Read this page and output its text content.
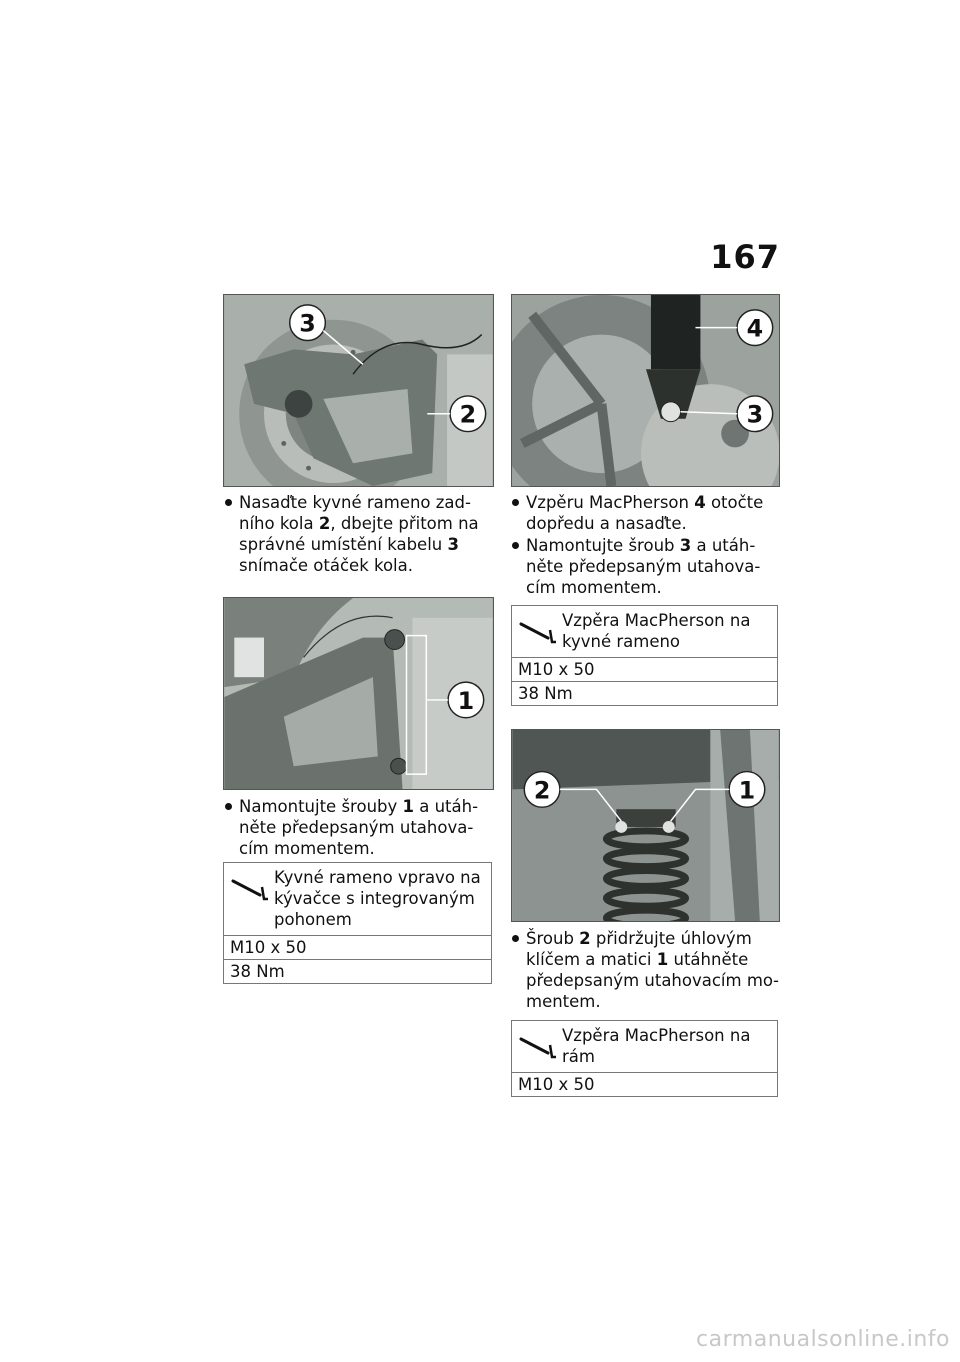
167
3
2
Nasaďte kyvné rameno zadního kola 2, dbejte přitom na správné umístění kabelu 3 snímače otáček kola.
1
Namontujte šrouby 1 a utáhněte předepsaným utahovacím momentem.
Kyvné rameno vpravo na kývačce s integrovaným pohonem
M10 x 50
38 Nm
4
3
Vzpěru MacPherson 4 otočte dopředu a nasaďte.
Namontujte šroub 3 a utáhněte předepsaným utahovacím momentem.
Vzpěra MacPherson na kyvné rameno
M10 x 50
38 Nm
2	1
Šroub 2 přidržujte úhlovým klíčem a matici 1 utáhněte předepsaným utahovacím momentem.
Vzpěra MacPherson na rám
M10 x 50
carmanualsonline.info
